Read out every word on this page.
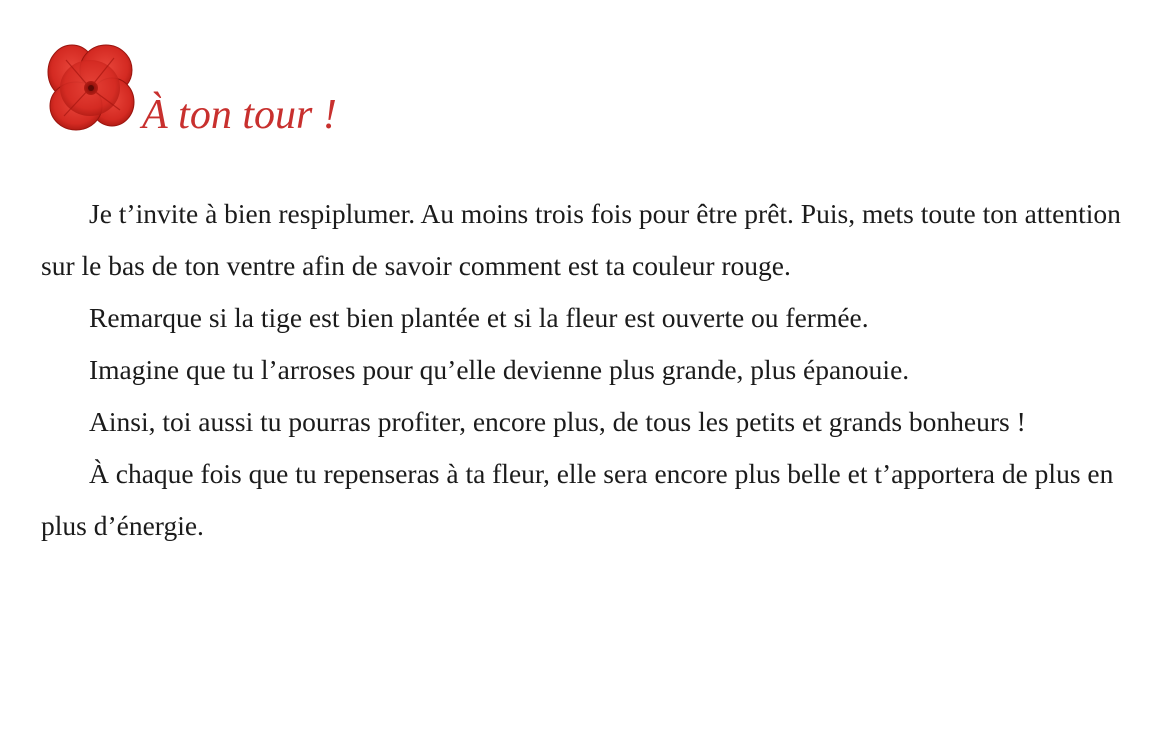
À ton tour !

Je t’invite à bien respiplumer. Au moins trois fois pour être prêt. Puis, mets toute ton attention sur le bas de ton ventre afin de savoir comment est ta couleur rouge.

Remarque si la tige est bien plantée et si la fleur est ouverte ou fermée.

Imagine que tu l’arroses pour qu’elle devienne plus grande, plus épanouie.

Ainsi, toi aussi tu pourras profiter, encore plus, de tous les petits et grands bonheurs !

À chaque fois que tu repenseras à ta fleur, elle sera encore plus belle et t’apportera de plus en plus d’énergie.
